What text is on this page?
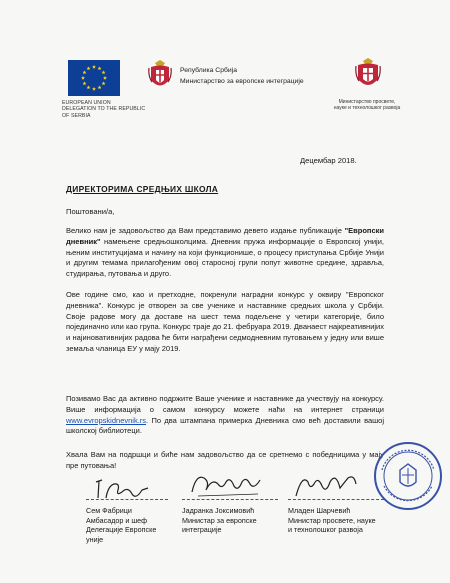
EUROPEAN UNION
DELEGATION TO THE REPUBLIC
OF SERBIA
Република Србија
Министарство за европске интеграције
Министарство просвете,
науке и технолошког развоја
Децембар 2018.
ДИРЕКТОРИМА СРЕДЊИХ ШКОЛА
Поштовани/а,

Велико нам је задовољство да Вам представимо девето издање публикације "Европски дневник" намењене средњошколцима. Дневник пружа информације о Европској унији, њеним институцијама и начину на који функционише, о процесу приступања Србије Унији и другим темама прилагођеним овој старосној групи попут животне средине, здравља, студирања, путовања и друго.

Ове године смо, као и претходне, покренули наградни конкурс у оквиру "Европског дневника". Конкурс је отворен за све ученике и наставнике средњих школа у Србији. Своје радове могу да доставе на шест тема подељене у четири категорије, било појединачно или као група. Конкурс траје до 21. фебруара 2019. Дванаест најкреативнијих и најиновативнијих радова ће бити награђени седмодневним путовањем у једну или више земаља чланица ЕУ у мају 2019.

Позивамо Вас да активно подржите Ваше ученике и наставнике да учествују на конкурсу. Више информација о самом конкурсу можете наћи на интернет страници www.evropskidnevnik.rs. По два штампана примерка Дневника смо већ доставили вашој школској библиотеци.

Хвала Вам на подршци и биће нам задовољство да се сретнемо с победницима у мају пре путовања!

Сем Фабрици
Амбасадор и шеф
Делегације Европске
уније
Јадранка Јоксимовић
Министар за европске
интеграције
Младен Шарчевић
Министар просвете, науке
и технолошког развоја
